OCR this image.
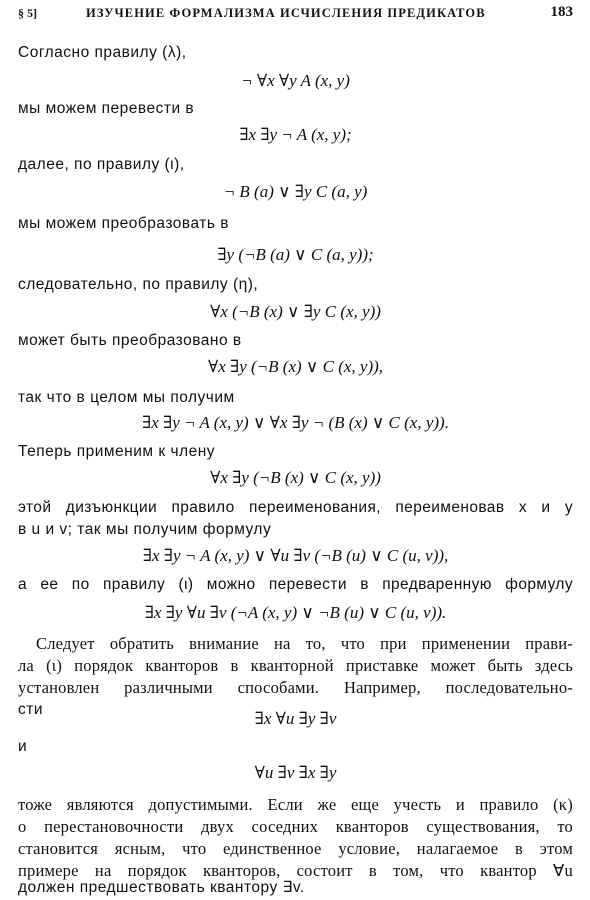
§ 5]	ИЗУЧЕНИЕ ФОРМАЛИЗМА ИСЧИСЛЕНИЯ ПРЕДИКАТОВ	183
Согласно правилу (λ),
¬ ∀x ∀y A (x, y)
мы можем перевести в
∃x ∃y ¬ A (x, y);
далее, по правилу (ι),
¬ B (a) ∨ ∃y C (a, y)
мы можем преобразовать в
∃y (¬B (a) ∨ C (a, y));
следовательно, по правилу (η),
∀x (¬B (x) ∨ ∃y C (x, y))
может быть преобразовано в
∀x ∃y (¬B (x) ∨ C (x, y)),
так что в целом мы получим
∃x ∃y ¬ A (x, y) ∨ ∀x ∃y ¬ (B (x) ∨ C (x, y)).
Теперь применим к члену
∀x ∃y (¬B (x) ∨ C (x, y))
этой дизъюнкции правило переименования, переименовав x и y
в u и v; так мы получим формулу
∃x ∃y ¬ A (x, y) ∨ ∀u ∃v (¬B (u) ∨ C (u, v)),
а ее по правилу (ι) можно перевести в предваренную формулу
∃x ∃y ∀u ∃v (¬A (x, y) ∨ ¬B (u) ∨ C (u, v)).
Следует обратить внимание на то, что при применении прави-
ла (ι) порядок кванторов в кванторной приставке может быть здесь
установлен различными способами. Например, последовательно-
сти	∃x ∀u ∃y ∃v
и
∀u ∃v ∃x ∃y
тоже являются допустимыми. Если же еще учесть и правило (κ)
о перестановочности двух соседних кванторов существования, то
становится ясным, что единственное условие, налагаемое в этом
примере на порядок кванторов, состоит в том, что квантор ∀u
должен предшествовать квантору ∃v.
